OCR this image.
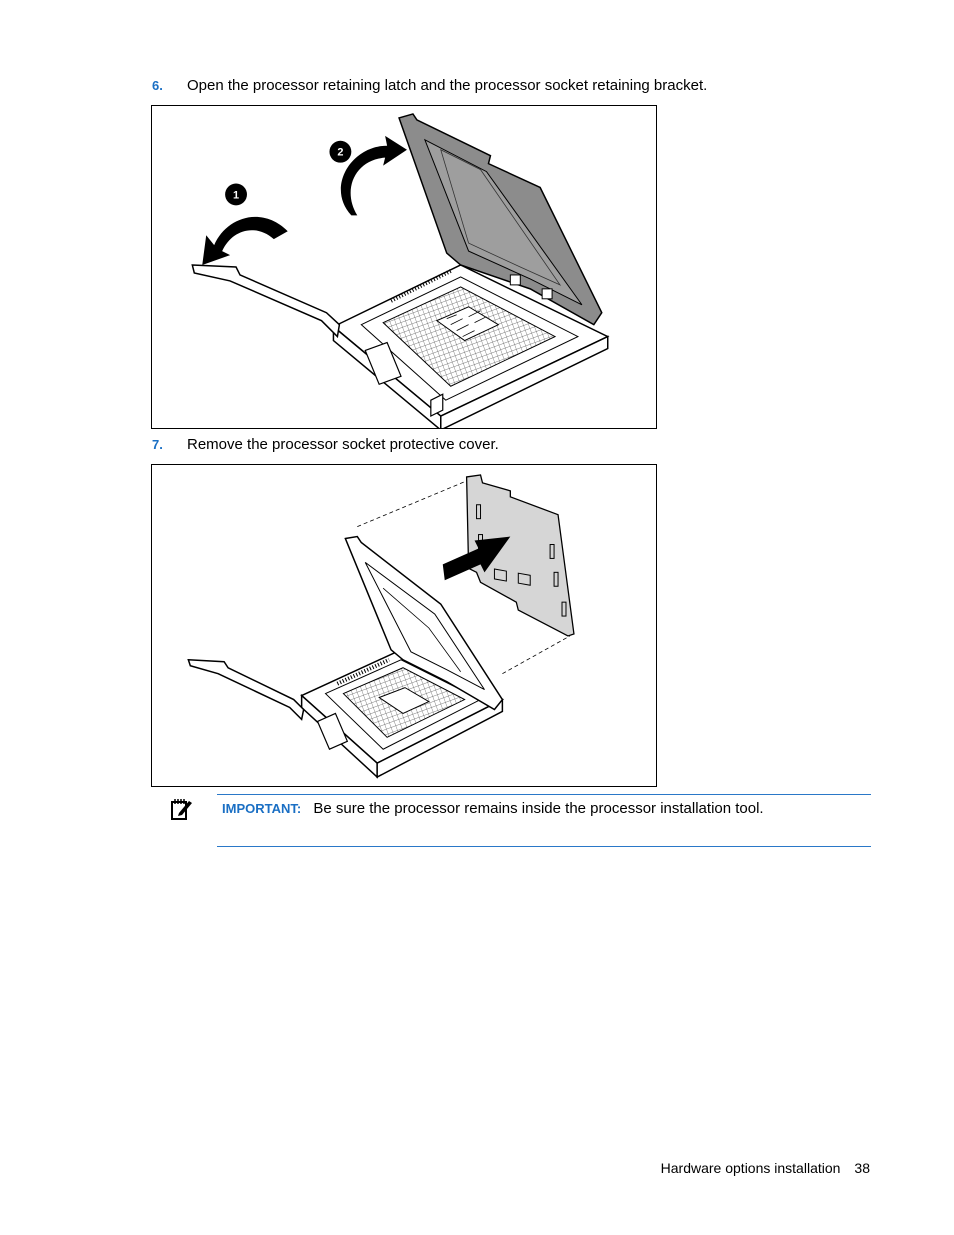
6. Open the processor retaining latch and the processor socket retaining bracket.
1
2
7. Remove the processor socket protective cover.
IMPORTANT: Be sure the processor remains inside the processor installation tool.
Hardware options installation 38
